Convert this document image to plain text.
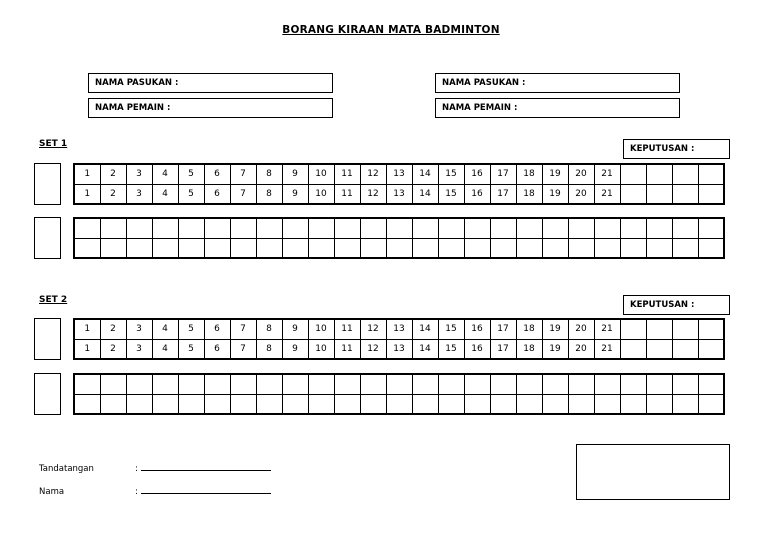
BORANG KIRAAN MATA BADMINTON
NAMA PASUKAN :
NAMA PEMAIN :
NAMA PASUKAN :
NAMA PEMAIN :
SET 1	KEPUTUSAN :
1	2	3	4	5	6	7	8	9	10	11	12	13	14	15	16	17	18	19	20	21				
1	2	3	4	5	6	7	8	9	10	11	12	13	14	15	16	17	18	19	20	21				

SET 2	KEPUTUSAN :
1	2	3	4	5	6	7	8	9	10	11	12	13	14	15	16	17	18	19	20	21				
1	2	3	4	5	6	7	8	9	10	11	12	13	14	15	16	17	18	19	20	21				

Tandatangan	:
Nama	:
